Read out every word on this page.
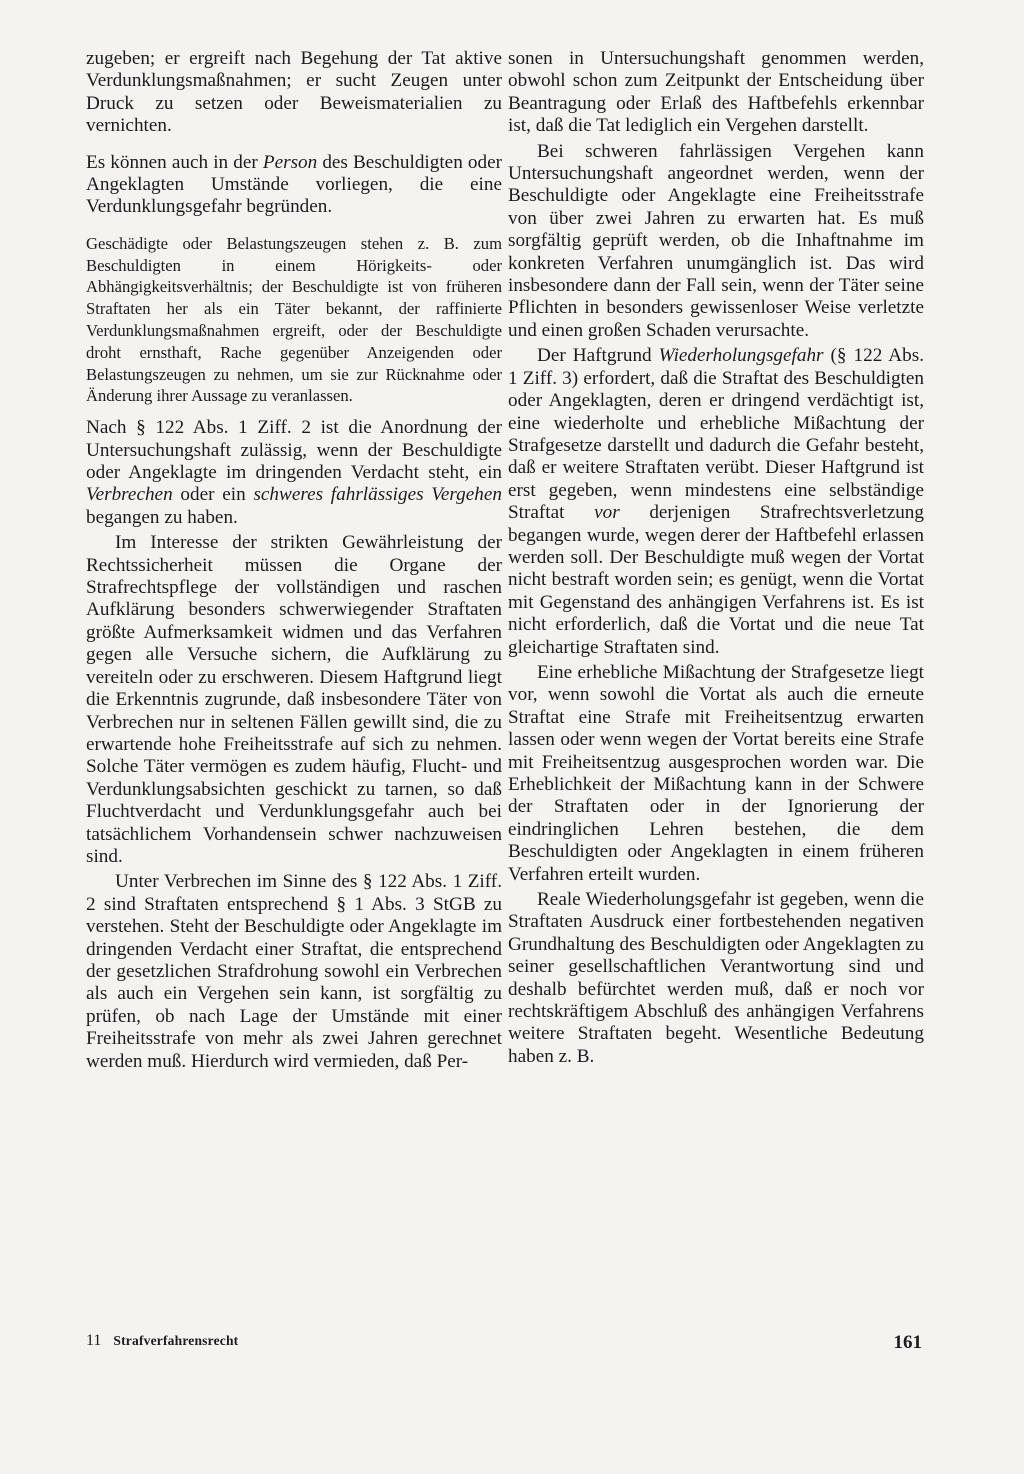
zugeben; er ergreift nach Begehung der Tat aktive Verdunklungsmaßnahmen; er sucht Zeugen unter Druck zu setzen oder Beweismaterialien zu vernichten.

Es können auch in der Person des Beschuldigten oder Angeklagten Umstände vorliegen, die eine Verdunklungsgefahr begründen.

Geschädigte oder Belastungszeugen stehen z. B. zum Beschuldigten in einem Hörigkeits- oder Abhängigkeitsverhältnis; der Beschuldigte ist von früheren Straftaten her als ein Täter bekannt, der raffinierte Verdunklungsmaßnahmen ergreift, oder der Beschuldigte droht ernsthaft, Rache gegenüber Anzeigenden oder Belastungszeugen zu nehmen, um sie zur Rücknahme oder Änderung ihrer Aussage zu veranlassen.

Nach § 122 Abs. 1 Ziff. 2 ist die Anordnung der Untersuchungshaft zulässig, wenn der Beschuldigte oder Angeklagte im dringenden Verdacht steht, ein Verbrechen oder ein schweres fahrlässiges Vergehen begangen zu haben.

Im Interesse der strikten Gewährleistung der Rechtssicherheit müssen die Organe der Strafrechtspflege der vollständigen und raschen Aufklärung besonders schwerwiegender Straftaten größte Aufmerksamkeit widmen und das Verfahren gegen alle Versuche sichern, die Aufklärung zu vereiteln oder zu erschweren. Diesem Haftgrund liegt die Erkenntnis zugrunde, daß insbesondere Täter von Verbrechen nur in seltenen Fällen gewillt sind, die zu erwartende hohe Freiheitsstrafe auf sich zu nehmen. Solche Täter vermögen es zudem häufig, Flucht- und Verdunklungsabsichten geschickt zu tarnen, so daß Fluchtverdacht und Verdunklungsgefahr auch bei tatsächlichem Vorhandensein schwer nachzuweisen sind.

Unter Verbrechen im Sinne des § 122 Abs. 1 Ziff. 2 sind Straftaten entsprechend § 1 Abs. 3 StGB zu verstehen. Steht der Beschuldigte oder Angeklagte im dringenden Verdacht einer Straftat, die entsprechend der gesetzlichen Strafdrohung sowohl ein Verbrechen als auch ein Vergehen sein kann, ist sorgfältig zu prüfen, ob nach Lage der Umstände mit einer Freiheitsstrafe von mehr als zwei Jahren gerechnet werden muß. Hierdurch wird vermieden, daß Per-

sonen in Untersuchungshaft genommen werden, obwohl schon zum Zeitpunkt der Entscheidung über Beantragung oder Erlaß des Haftbefehls erkennbar ist, daß die Tat lediglich ein Vergehen darstellt.

Bei schweren fahrlässigen Vergehen kann Untersuchungshaft angeordnet werden, wenn der Beschuldigte oder Angeklagte eine Freiheitsstrafe von über zwei Jahren zu erwarten hat. Es muß sorgfältig geprüft werden, ob die Inhaftnahme im konkreten Verfahren unumgänglich ist. Das wird insbesondere dann der Fall sein, wenn der Täter seine Pflichten in besonders gewissenloser Weise verletzte und einen großen Schaden verursachte.

Der Haftgrund Wiederholungsgefahr (§ 122 Abs. 1 Ziff. 3) erfordert, daß die Straftat des Beschuldigten oder Angeklagten, deren er dringend verdächtigt ist, eine wiederholte und erhebliche Mißachtung der Strafgesetze darstellt und dadurch die Gefahr besteht, daß er weitere Straftaten verübt. Dieser Haftgrund ist erst gegeben, wenn mindestens eine selbständige Straftat vor derjenigen Strafrechtsverletzung begangen wurde, wegen derer der Haftbefehl erlassen werden soll. Der Beschuldigte muß wegen der Vortat nicht bestraft worden sein; es genügt, wenn die Vortat mit Gegenstand des anhängigen Verfahrens ist. Es ist nicht erforderlich, daß die Vortat und die neue Tat gleichartige Straftaten sind.

Eine erhebliche Mißachtung der Strafgesetze liegt vor, wenn sowohl die Vortat als auch die erneute Straftat eine Strafe mit Freiheitsentzug erwarten lassen oder wenn wegen der Vortat bereits eine Strafe mit Freiheitsentzug ausgesprochen worden war. Die Erheblichkeit der Mißachtung kann in der Schwere der Straftaten oder in der Ignorierung der eindringlichen Lehren bestehen, die dem Beschuldigten oder Angeklagten in einem früheren Verfahren erteilt wurden.

Reale Wiederholungsgefahr ist gegeben, wenn die Straftaten Ausdruck einer fortbestehenden negativen Grundhaltung des Beschuldigten oder Angeklagten zu seiner gesellschaftlichen Verantwortung sind und deshalb befürchtet werden muß, daß er noch vor rechtskräftigem Abschluß des anhängigen Verfahrens weitere Straftaten begeht. Wesentliche Bedeutung haben z. B.

11 Strafverfahrensrecht	161
